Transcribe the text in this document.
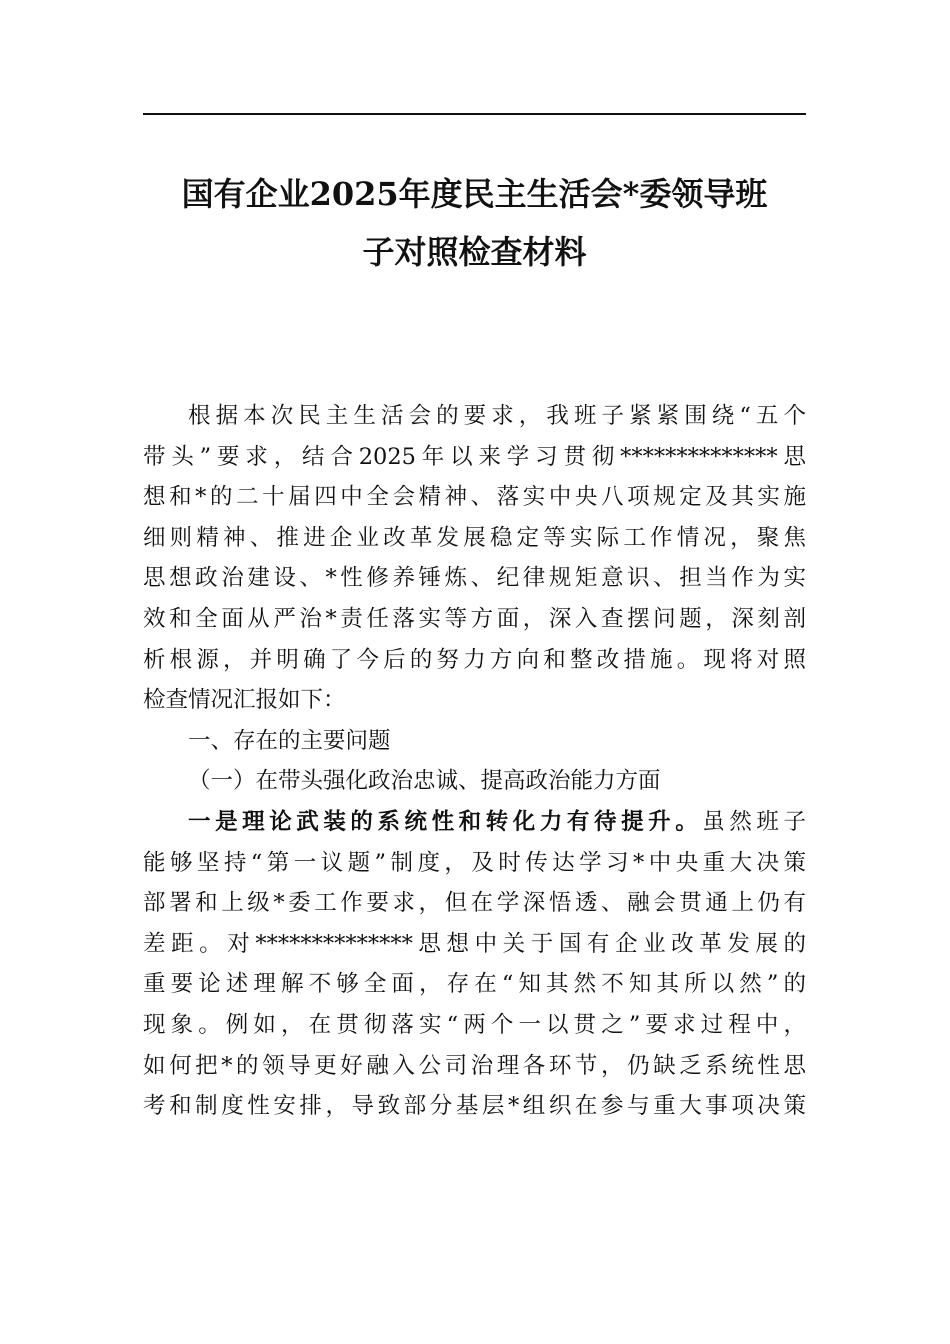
国有企业2025年度民主生活会*委领导班
子对照检查材料
根据本次民主生活会的要求，我班子紧紧围绕“五个
带头”要求，结合2025年以来学习贯彻**************思
想和*的二十届四中全会精神、落实中央八项规定及其实施
细则精神、推进企业改革发展稳定等实际工作情况，聚焦
思想政治建设、*性修养锤炼、纪律规矩意识、担当作为实
效和全面从严治*责任落实等方面，深入查摆问题，深刻剖
析根源，并明确了今后的努力方向和整改措施。现将对照
检查情况汇报如下：
一、存在的主要问题
（一）在带头强化政治忠诚、提高政治能力方面
一是理论武装的系统性和转化力有待提升。虽然班子
能够坚持“第一议题”制度，及时传达学习*中央重大决策
部署和上级*委工作要求，但在学深悟透、融会贯通上仍有
差距。对**************思想中关于国有企业改革发展的
重要论述理解不够全面，存在“知其然不知其所以然”的
现象。例如，在贯彻落实“两个一以贯之”要求过程中，
如何把*的领导更好融入公司治理各环节，仍缺乏系统性思
考和制度性安排，导致部分基层*组织在参与重大事项决策
